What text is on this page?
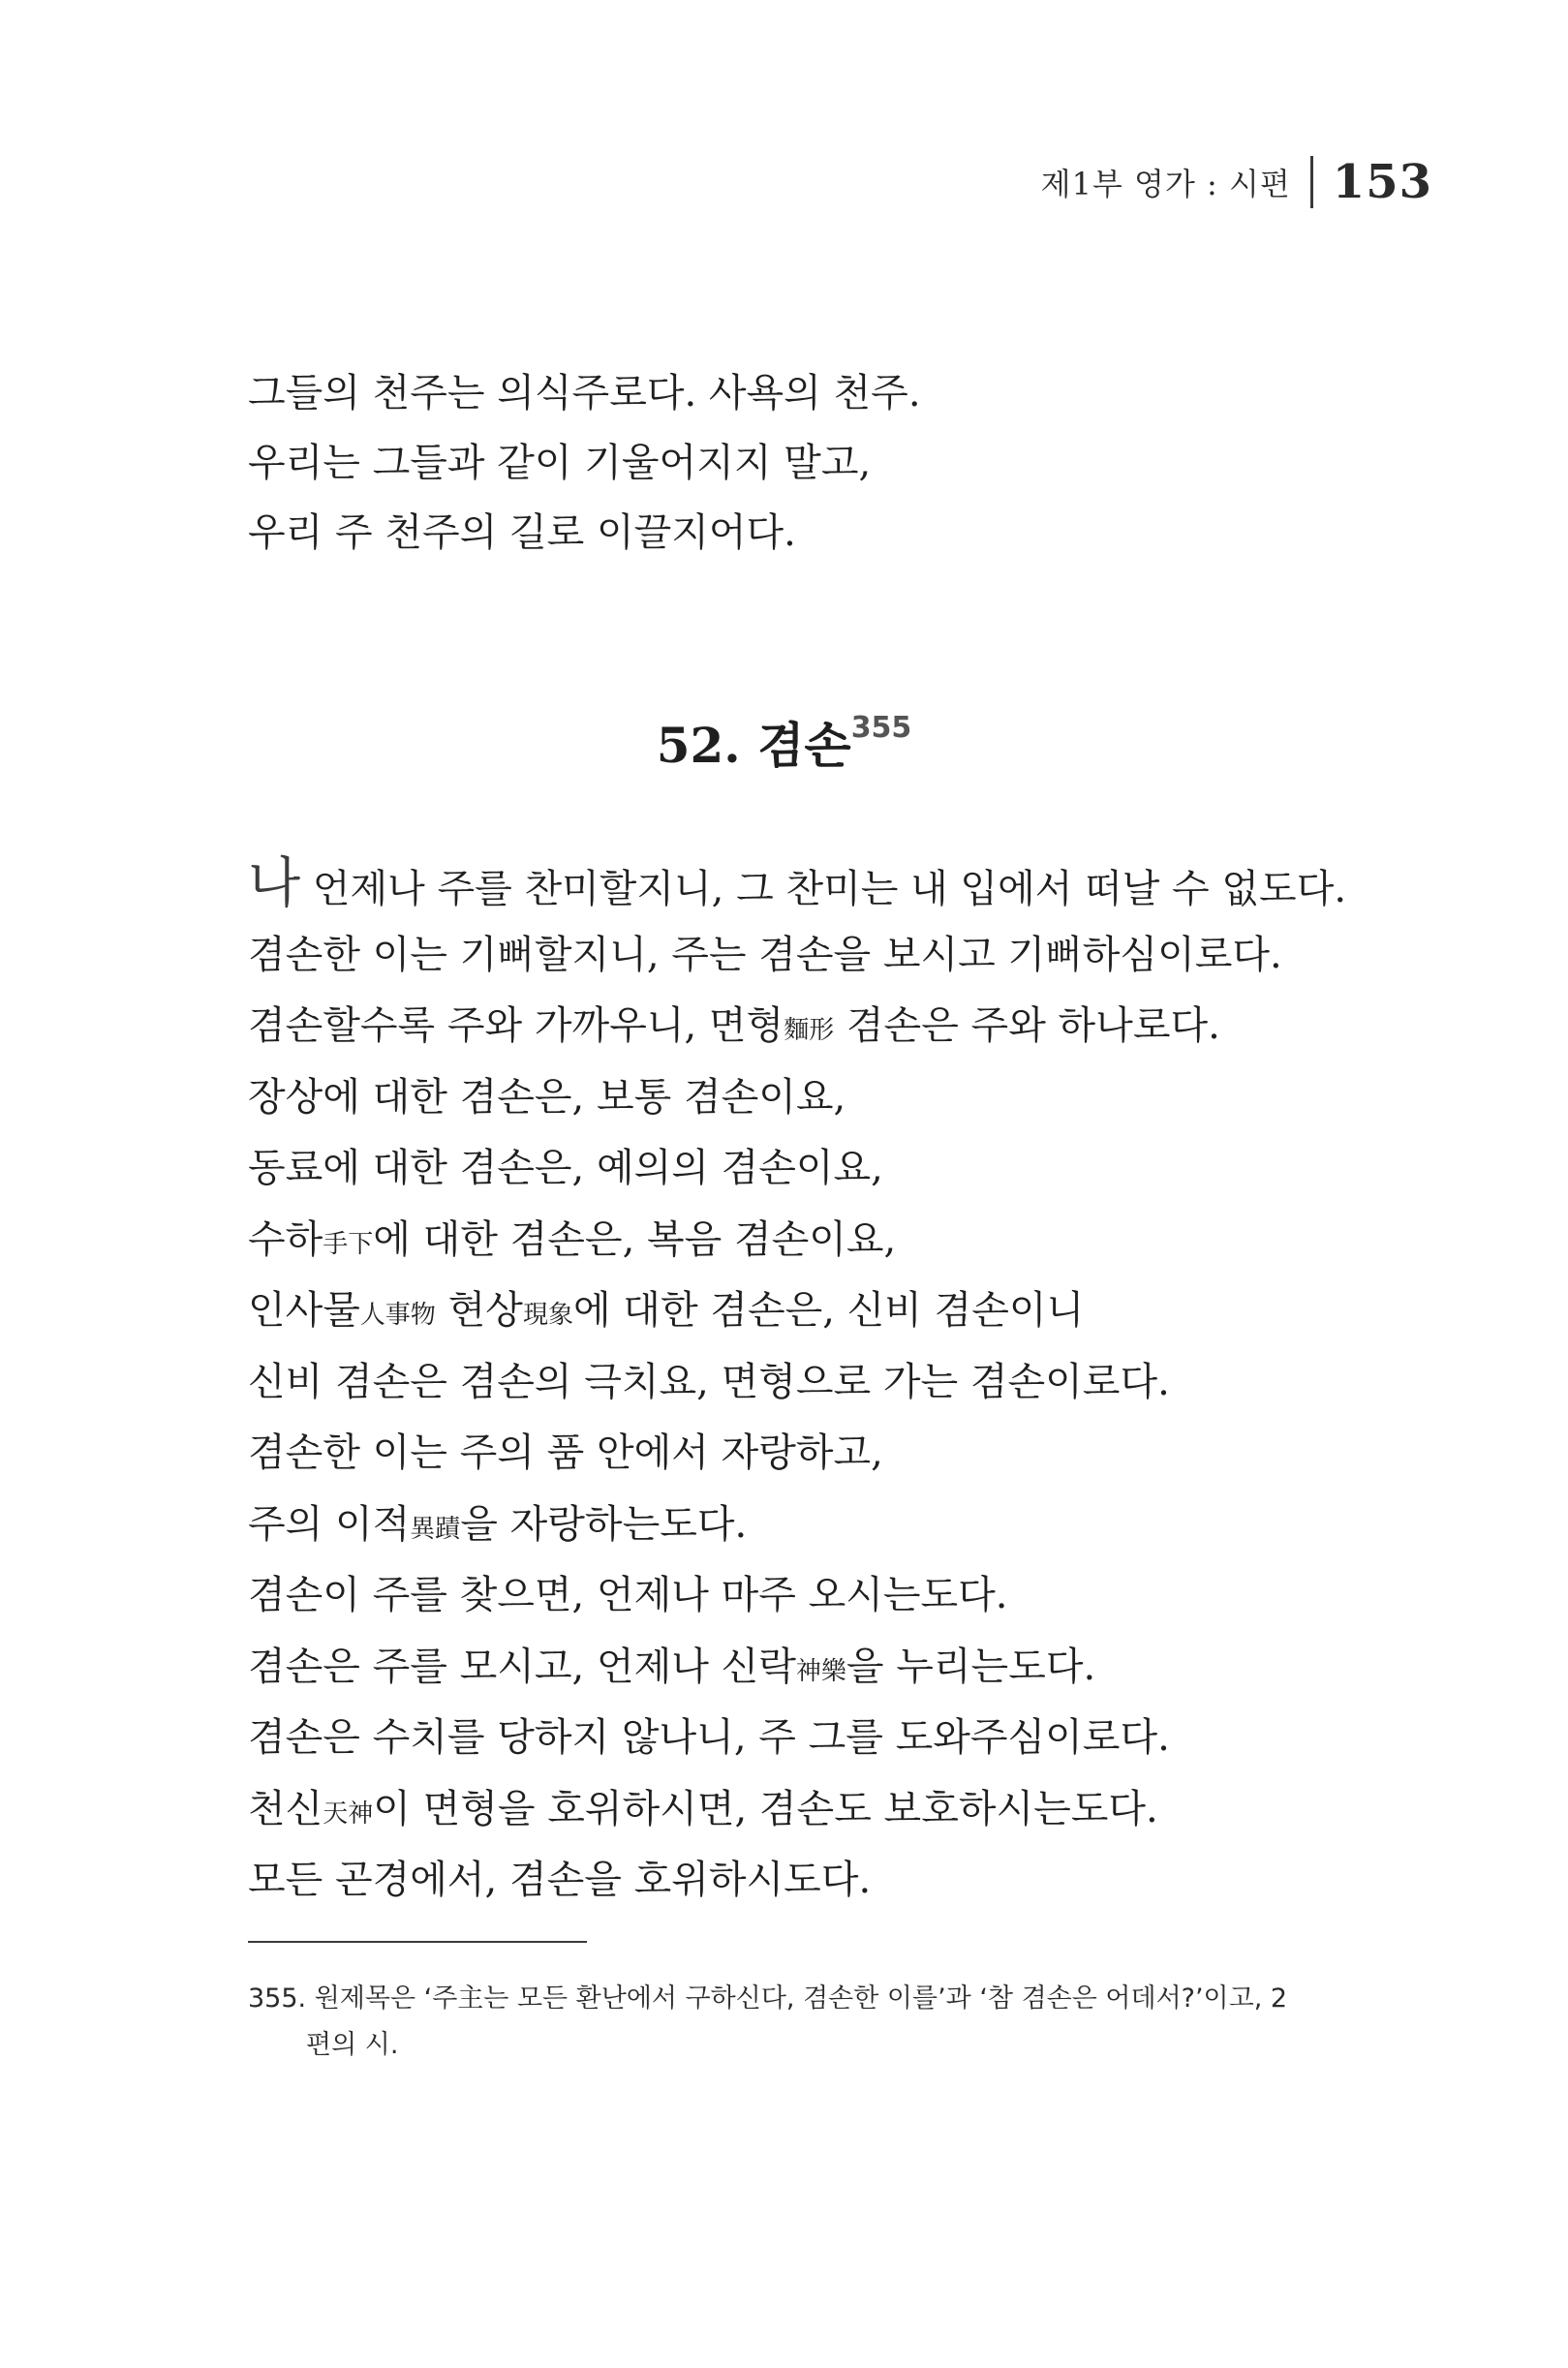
제1부 영가 : 시편 153

그들의 천주는 의식주로다. 사욕의 천주.

우리는 그들과 같이 기울어지지 말고,

우리 주 천주의 길로 이끌지어다.

52. 겸손$^{355}$

나 언제나 주를 찬미할지니, 그 찬미는 내 입에서 떠날 수 없도다.

겸손한 이는 기뻐할지니, 주는 겸손을 보시고 기뻐하심이로다.

겸손할수록 주와 가까우니, 면형麵形 겸손은 주와 하나로다.

장상에 대한 겸손은, 보통 겸손이요,

동료에 대한 겸손은, 예의의 겸손이요,

수하手下에 대한 겸손은, 복음 겸손이요,

인사물人事物 현상現象에 대한 겸손은, 신비 겸손이니

신비 겸손은 겸손의 극치요, 면형으로 가는 겸손이로다.

겸손한 이는 주의 품 안에서 자랑하고,

주의 이적異蹟을 자랑하는도다.

겸손이 주를 찾으면, 언제나 마주 오시는도다.

겸손은 주를 모시고, 언제나 신락神樂을 누리는도다.

겸손은 수치를 당하지 않나니, 주 그를 도와주심이로다.

천신天神이 면형을 호위하시면, 겸손도 보호하시는도다.

모든 곤경에서, 겸손을 호위하시도다.

355. 원제목은 ‘주主는 모든 환난에서 구하신다, 겸손한 이를’과 ‘참 겸손은 어데서?’이고, 2
편의 시.
